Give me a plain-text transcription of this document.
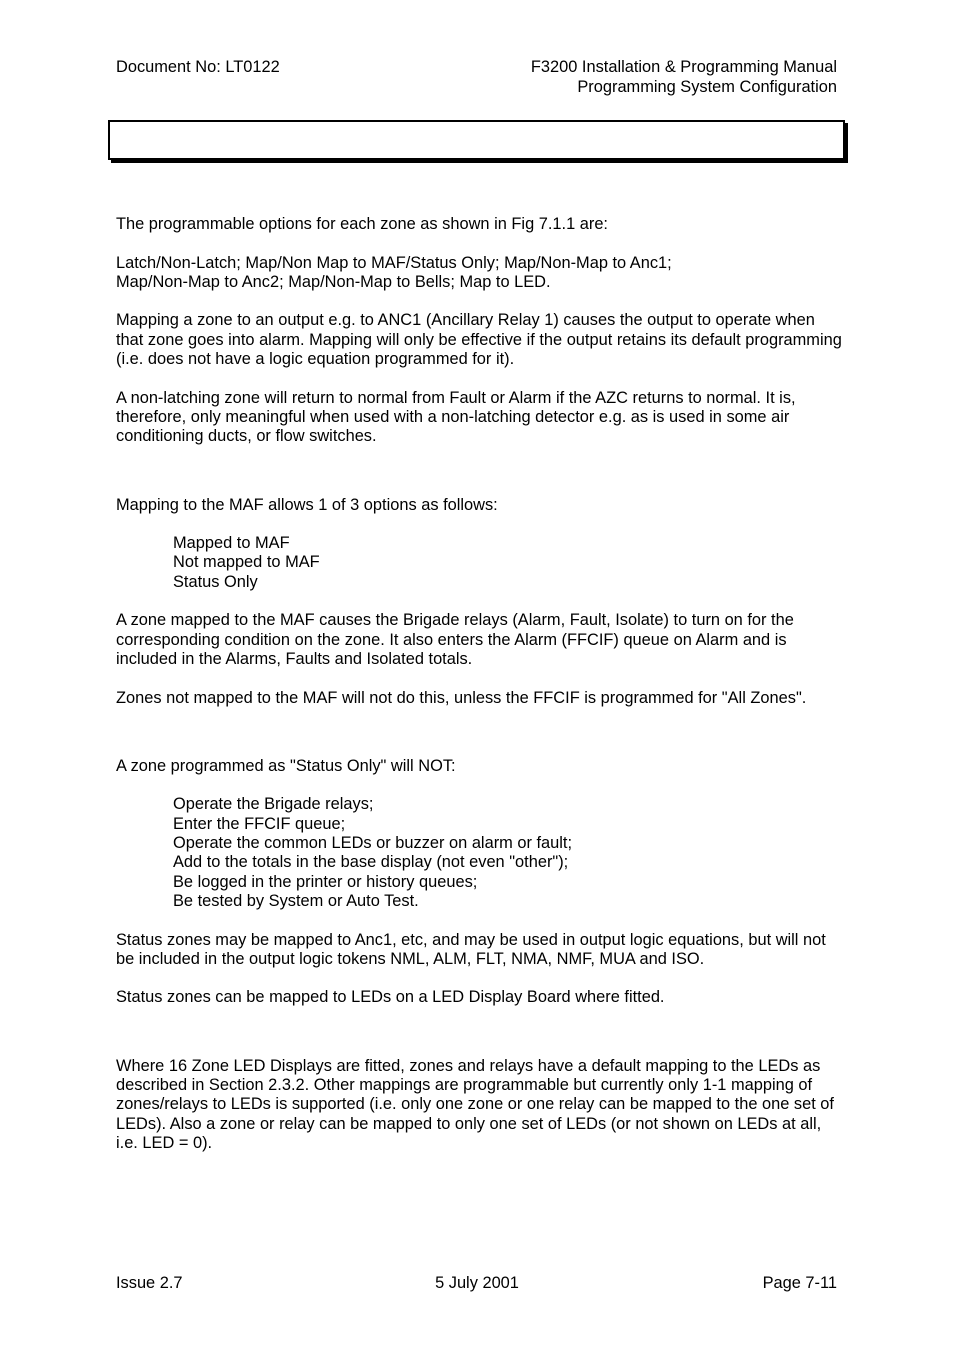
Document No: LT0122	F3200 Installation & Programming Manual
Programming System Configuration

The programmable options for each zone as shown in Fig 7.1.1 are:

Latch/Non-Latch; Map/Non Map to MAF/Status Only; Map/Non-Map to Anc1;

Map/Non-Map to Anc2; Map/Non-Map to Bells; Map to LED.

Mapping a zone to an output e.g. to ANC1 (Ancillary Relay 1) causes the output to operate when that zone goes into alarm. Mapping will only be effective if the output retains its default programming (i.e. does not have a logic equation programmed for it).

A non-latching zone will return to normal from Fault or Alarm if the AZC returns to normal. It is, therefore, only meaningful when used with a non-latching detector e.g. as is used in some air conditioning ducts, or flow switches.

Mapping to the MAF allows 1 of 3 options as follows:

Mapped to MAF
Not mapped to MAF
Status Only

A zone mapped to the MAF causes the Brigade relays (Alarm, Fault, Isolate) to turn on for the corresponding condition on the zone. It also enters the Alarm (FFCIF) queue on Alarm and is included in the Alarms, Faults and Isolated totals.

Zones not mapped to the MAF will not do this, unless the FFCIF is programmed for "All Zones".

A zone programmed as "Status Only" will NOT:

Operate the Brigade relays;
Enter the FFCIF queue;
Operate the common LEDs or buzzer on alarm or fault;
Add to the totals in the base display (not even "other");
Be logged in the printer or history queues;
Be tested by System or Auto Test.

Status zones may be mapped to Anc1, etc, and may be used in output logic equations, but will not be included in the output logic tokens NML, ALM, FLT, NMA, NMF, MUA and ISO.

Status zones can be mapped to LEDs on a LED Display Board where fitted.

Where 16 Zone LED Displays are fitted, zones and relays have a default mapping to the LEDs as described in Section 2.3.2. Other mappings are programmable but currently only 1-1 mapping of zones/relays to LEDs is supported (i.e. only one zone or one relay can be mapped to the one set of LEDs). Also a zone or relay can be mapped to only one set of LEDs (or not shown on LEDs at all, i.e. LED = 0).

Issue 2.7	5 July 2001	Page 7-11
